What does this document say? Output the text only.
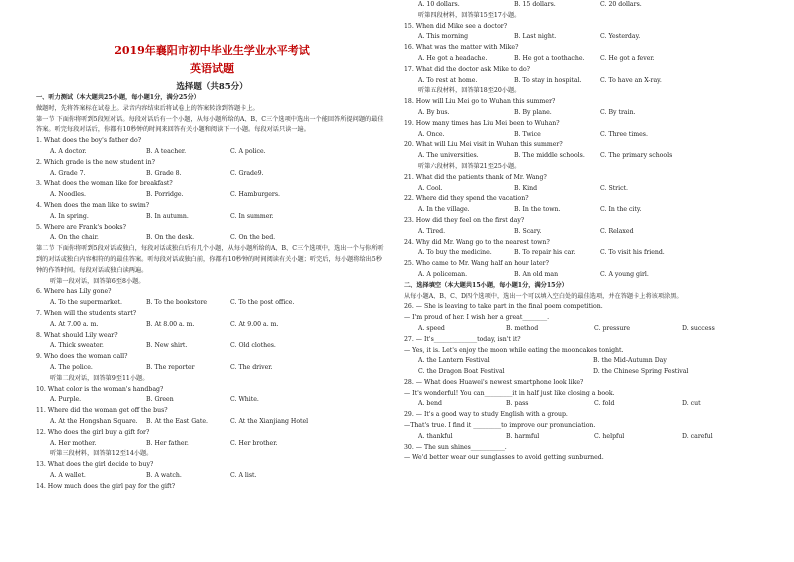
2019年襄阳市初中毕业生学业水平考试
英语试题
选择题（共85分）
一、听力测试（本大题共25小题，每小题1分，满分25分）
做题时，先将答案标在试卷上。录音内容结束后将试卷上的答案转涂到答题卡上。
第一节 下面你将听到5段短对话。每段对话后有一个小题，从每小题所给的A、B、C三个选项中选出一个能回答所提问题的最佳答案。听完每段对话后，你都有10秒钟的时间来回答有关小题和阅读下一小题。每段对话只读一遍。
1. What does the boy's father do?
A. A doctor.	B. A teacher.	C. A police.
2. Which grade is the new student in?
A. Grade 7.	B. Grade 8.	C. Grade9.
3. What does the woman like for breakfast?
A. Noodles.	B. Porridge.	C. Hamburgers.
4. When does the man like to swim?
A. In spring.	B. In autumn.	C. In summer.
5. Where are Frank's books?
A. On the chair.	B. On the desk.	C. On the bed.
第二节 下面你将听到5段对话或独白，每段对话或独白后有几个小题，从每小题所给的A、B、C三个选项中，选出一个与你所听到的对话或独白内容相符的的最佳答案。听每段对话或独白前，你都有10秒钟的时间阅读有关小题；听完后，每小题将给出5秒钟的作答时间。每段对话或独白读两遍。
听第一段对话，回答第6至8小题。
6. Where has Lily gone?
A. To the supermarket.	B. To the bookstore	C. To the post office.
7. When will the students start?
A. At 7.00 a. m.	B. At 8.00 a. m.	C. At 9.00 a. m.
8. What should Lily wear?
A. Thick sweater.	B. New shirt.	C. Old clothes.
9. Who does the woman call?
A. The police.	B. The reporter	C. The driver.
听第二段对话，回答第9至11小题。
10. What color is the woman's handbag?
A. Purple.	B. Green	C. White.
11. Where did the woman get off the bus?
A. At the Hongshan Square.	B. At the East Gate.	C. At the Xianjiang Hotel
12. Who does the girl buy a gift for?
A. Her mother.	B. Her father.	C. Her brother.
听第三段材料，回答第12至14小题。
13. What does the girl decide to buy?
A. A wallet.	B. A watch.	C. A list.
14. How much does the girl pay for the gift?
A. 10 dollars.	B. 15 dollars.	C. 20 dollars.
听第四段材料，回答第15至17小题。
15. When did Mike see a doctor?
A. This morning	B. Last night.	C. Yesterday.
16. What was the matter with Mike?
A. He got a headache.	B. He got a toothache.	C. He got a fever.
17. What did the doctor ask Mike to do?
A. To rest at home.	B. To stay in hospital.	C. To have an X-ray.
听第五段材料，回答第18至20小题。
18. How will Liu Mei go to Wuhan this summer?
A. By bus.	B. By plane.	C. By train.
19. How many times has Liu Mei been to Wuhan?
A. Once.	B. Twice	C. Three times.
20. What will Liu Mei visit in Wuhan this summer?
A. The universities.	B. The middle schools.	C. The primary schools
听第六段材料，回答第21至25小题。
21. What did the patients thank of Mr. Wang?
A. Cool.	B. Kind	C. Strict.
22. Where did they spend the vacation?
A. In the village.	B. In the town.	C. In the city.
23. How did they feel on the first day?
A. Tired.	B. Scary.	C. Relaxed
24. Why did Mr. Wang go to the nearest town?
A. To buy the medicine.	B. To repair his car.	C. To visit his friend.
25. Who came to Mr. Wang half an hour later?
A. A policeman.	B. An old man	C. A young girl.
二、选择填空（本大题共15小题，每小题1分，满分15分）
从每小题A、B、C、D四个选项中，选出一个可以填入空白处的最佳选项，并在答题卡上将该项涂黑。
26. — She is leaving to take part in the final poem competition.
— I'm proud of her. I wish her a great________.
A. speed	B. method	C. pressure	D. success
27. — It's______________today, isn't it?
— Yes, it is. Let's enjoy the moon while eating the mooncakes tonight.
A. the Lantern Festival	B. the Mid-Autumn Day
C. the Dragon Boat Festival	D. the Chinese Spring Festival
28. — What does Huawei's newest smartphone look like?
— It's wonderful! You can_________it in half just like closing a book.
A. bend	B. pass	C. fold	D. cut
29. — It's a good way to study English with a group.
—That's true. I find it _________to improve our pronunciation.
A. thankful	B. harmful	C. helpful	D. careful
30. — The sun shines___________.
— We'd better wear our sunglasses to avoid getting sunburned.
